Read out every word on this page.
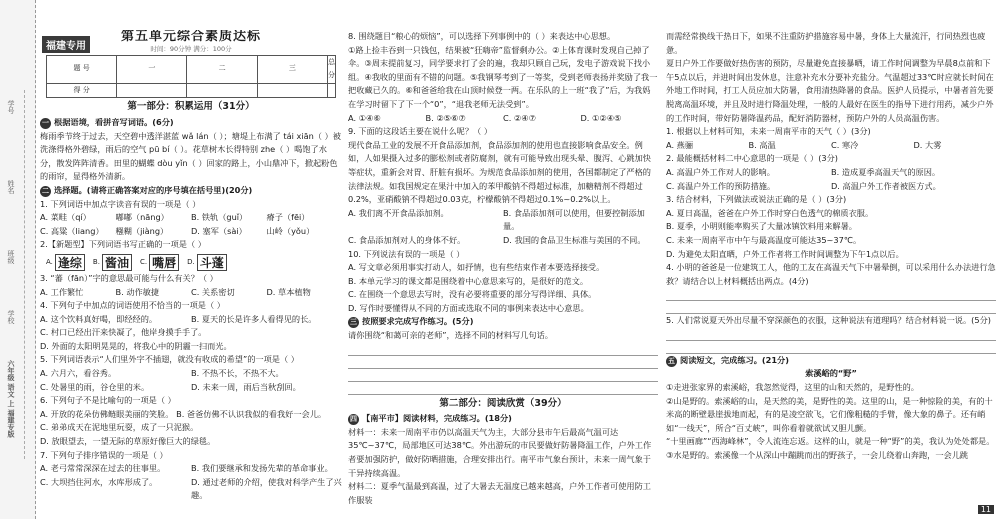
学号
姓名
班级
学校
六年级 语文 上 福建专版
福建专用
第五单元综合素质达标
时间：90分钟 满分：100分
题 号	一	二	三	总 分
得 分				
第一部分：积累运用（31分）
一 根据语境，看拼音写词语。(6分)
梅雨季节终于过去，天空碧中透洋湛蓝 wǎ lán（ ）；塘堤上布满了 tái xiān（ ）被洗涤得格外碧绿，雨后的空气 pū bí（ ）。花草树木长得特别 zhe（ ）喝饱了水分，散发阵阵清香。田里的蝴蝶 dòu yǐn（ ）回家的路上，小山鼎冲下，掀起粉色的雨帘，显得格外清新。
二 选择题。(请将正确答案对应的序号填在括号里)(20分)
1. 下列词语中加点字读音有误的一项是（ ）
A. 菜畦（qí）	嘟嘟（nāng）	B. 铁轨（guǐ）	瘠子（fēi）
C. 高粱（liang）	糨糊（jiàng）	D. 塞军（sài）	山岭（yǒu）
2.【新题型】下列词语书写正确的一项是（ ）
A. 逢综	B. 酱油	C. 嘴唇	D. 斗蓬
3. “蕃（fān）”字的意思最可能与什么有关？（ ）
A. 工作繁忙	B. 动作敏捷	C. 关系密切	D. 草本植物
4. 下列句子中加点的词语使用不恰当的一项是（ ）
A. 这个饮料真好喝，即经经的。	B. 夏天的长是许多人看得见的长。
C. 村口已经出汗来快凝了，他岸身摸手手了。
D. 外面的太阳明晃晃的，将我心中的阴霾一扫而光。
5. 下列词语表示“人们里外字不插翅，就没有收成的希望”的一项是（ ）
A. 六月六，看谷秀。	B. 不热不长，不热不大。
C. 处暑里的雨，谷仓里的米。	D. 未来一周，雨后当秋刮回。
6. 下列句子不是比喻句的一项是（ ）
A. 开放的花朵仿佛鲢眼美丽的笑脸。 B. 爸爸仿佛不认识我似的看我好一会儿。
C. 弟弟成天在泥地里玩耍，成了一只泥猴。
D. 放眼望去，一望无际的草原好像巨大的绿毯。
7. 下列句子排序错误的一项是（ ）
A. 老弓常常深深在过去的往事里。	B. 我们要继承和发扬先辈的革命事业。
C. 大坝挡住河水，水库形成了。	D. 通过老师的介绍，使我对科学产生了兴趣。
8. 围绕题目“粮心的烦恼”，可以选择下列事例中的（ ）来表达中心思想。
①路上捡丰吞到一只钱包，结果被“狂嗨帝”监督剩办公。②上体育课时发现自己掉了伞。③周末提前复习，同学要求打了会的遍，我却只顾自己玩，发电子游戏说下找小组。④我收的里面有不错的问题。⑤我钢琴考到了一等奖，受到老师表扬并奖励了我一把收藏已久的。⑥和爸爸给我在山顶时候登一两。在乐队的上一班“我了”后，为我妈在学习时留下了下一个“0”，“退我老师无法受到”。
A. ①④⑥	B. ②⑤⑥⑦	C. ②④⑦	D. ①②④⑤
9. 下面的这段话主要在说什么呢？（ ）
现代食品工业的发展不开食品添加剂，食品添加剂的使用也直接影响食品安全。例如，人如果摄入过多的膨松剂或者防腐剂，就有可能导致出现头晕、腹泻、心跳加快等症状，重新会对胃、肝脏有损坏。为规范食品添加剂的使用，各国都制定了严格的法律法规。如我国规定在果汁中加入的苯甲酸钠不得超过标准，加糖精剂不得超过0.2%，亚硝酸钠不得超过0.03克，柠檬酸钠不得超过0.1%~0.2%以上。
A. 我们离不开食品添加剂。	B. 食品添加剂可以使用，但要控制添加量。
C. 食品添加剂对人的身体不好。	D. 我国的食品卫生标准与美国的不同。
10. 下列说法有误的一项是（ ）
A. 写文章必须用事实打动人，如抒情，也有些结束作者本要选择接受。
B. 本单元学习的课文都是围绕着中心意思来写的，是很好的范文。
C. 在围绕一个意思去写时，没有必要将重要的部分写得详细、具体。
D. 写作时要懂得从不同的方面或选取不同的事例来表达中心意思。
三 按照要求完成写作练习。(5分)
请你围绕“和蔼可亲的老师”，选择不同的材料写几句话。
第二部分：阅读欣赏（39分）
四 【南平市】阅读材料，完成练习。(18分)
材料一：未来一周南平市仍以高温天气为主，大部分县市午后最高气温可达35℃~37℃，局部地区可达38℃。外出游玩的市民要做好防暑降温工作，户外工作者要加强防护，做好防晒措施，合理安排出行。南平市气象台预计，未来一周气象于干异持续高温。
材料二：夏季气温最到高温，过了大暑去无温度已越来越高，户外工作者可使用防工作服装
而需经常换线干热日下，如果不注重防护措施容易中暑，身体上大量流汗，行同热烈也疲惫。
夏日户外工作要做好热伤害的预防，尽量避免直接暴晒，请工作时间调整为早晨8点前和下午5点以后，并进时间出发休息，注意补充水分要补充盐分。气温超过33℃时应就长时间在外地工作时间，打工人员应加大防暑，食用清热降暑的食品。医护人员提示，中暑者首先要脱离高温环境，并且及时进行降温处理，一般的人最好在医生的指导下进行用药，减少户外的工作时间，带好防暑降温药品，配好消防器材，预防户外的人员高温伤害。
1. 根据以上材料可知，未来一周南平市的天气（ ）(3分)
A. 燕骊	B. 高温	C. 寒冷	D. 大雾
2. 最能概括材料二中心意思的一项是（ ）(3分)
A. 高温户外工作对人的影响。	B. 造成夏季高温天气的原因。
C. 高温户外工作的预防措施。	D. 高温户外工作者被医方式。
3. 结合材料，下列做法或说法正确的是（ ）(3分)
A. 夏日高温，爸爸在户外工作时穿白色透气的棉质衣服。
B. 夏季，小明则能率购买了大量冰镇饮料用来解暑。
C. 未来一周南平市中午与最高温度可能达35~37℃。
D. 为避免太阳直晒，户外工作者将工作时间调整为下午1点以后。
4. 小明的爸爸是一位建筑工人，他的工友在高温天气下中暑晕倒，可以采用什么办法进行急救？请结合以上材料概括出两点。(4分)
5. 人们常说夏天外出尽量不穿深颜色的衣服，这种说法有道理吗？结合材料说一说。(5分)
五 阅读短文，完成练习。(21分)
索溪峪的“野”
①走进张家界的索溪峪，我忽然觉得，这里的山和天然的，是野性的。
②山是野的。索溪峪的山，是天然的美，是野性的美。这里的山，是一种惊险的美，有的十米高的断壁悬崖拔地而起，有的是凌空欲飞，它们像粗糙的手臂，像大象的鼻子。还有峭如“一线天”，所合“百丈峡”，叫你看着就欲试又胆儿颤。
“十里画廊”“西海峰林”，令人流连忘返。这样的山，就是一种“野”的美，我认为处处都是。
③水是野的。索溪像一个从深山中蹦跳而出的野孩子，一会儿绕着山奔跑，一会儿跳
11
